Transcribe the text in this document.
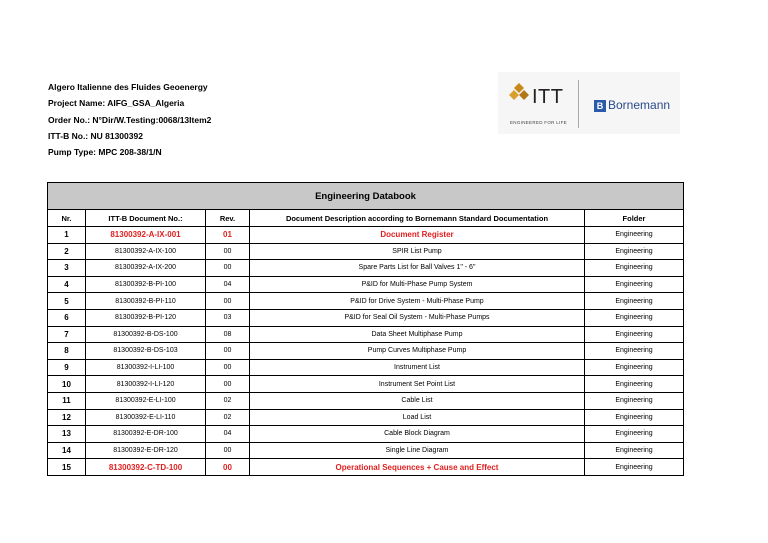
Algero Italienne des Fluides Geoenergy
Project Name: AIFG_GSA_Algeria
Order No.: N°Dir/W.Testing:0068/13Item2
ITT-B No.: NU 81300392
Pump Type: MPC 208-38/1/N
ITT
ENGINEERED FOR LIFE
B Bornemann
Engineering Databook				
Nr.	ITT-B Document No.:	Rev.	Document Description according to Bornemann Standard Documentation	Folder
1	81300392-A-IX-001	01	Document Register	Engineering
2	81300392-A-IX-100	00	SPIR List Pump	Engineering
3	81300392-A-IX-200	00	Spare Parts List for Ball Valves 1" - 6"	Engineering
4	81300392-B-PI-100	04	P&ID for Multi-Phase Pump System	Engineering
5	81300392-B-PI-110	00	P&ID for Drive System - Multi-Phase Pump	Engineering
6	81300392-B-PI-120	03	P&ID for Seal Oil System - Multi-Phase Pumps	Engineering
7	81300392-B-DS-100	08	Data Sheet Multiphase Pump	Engineering
8	81300392-B-DS-103	00	Pump Curves Multiphase Pump	Engineering
9	81300392-I-LI-100	00	Instrument List	Engineering
10	81300392-I-LI-120	00	Instrument Set Point List	Engineering
11	81300392-E-LI-100	02	Cable List	Engineering
12	81300392-E-LI-110	02	Load List	Engineering
13	81300392-E-DR-100	04	Cable Block Diagram	Engineering
14	81300392-E-DR-120	00	Single Line Diagram	Engineering
15	81300392-C-TD-100	00	Operational Sequences + Cause and Effect	Engineering
